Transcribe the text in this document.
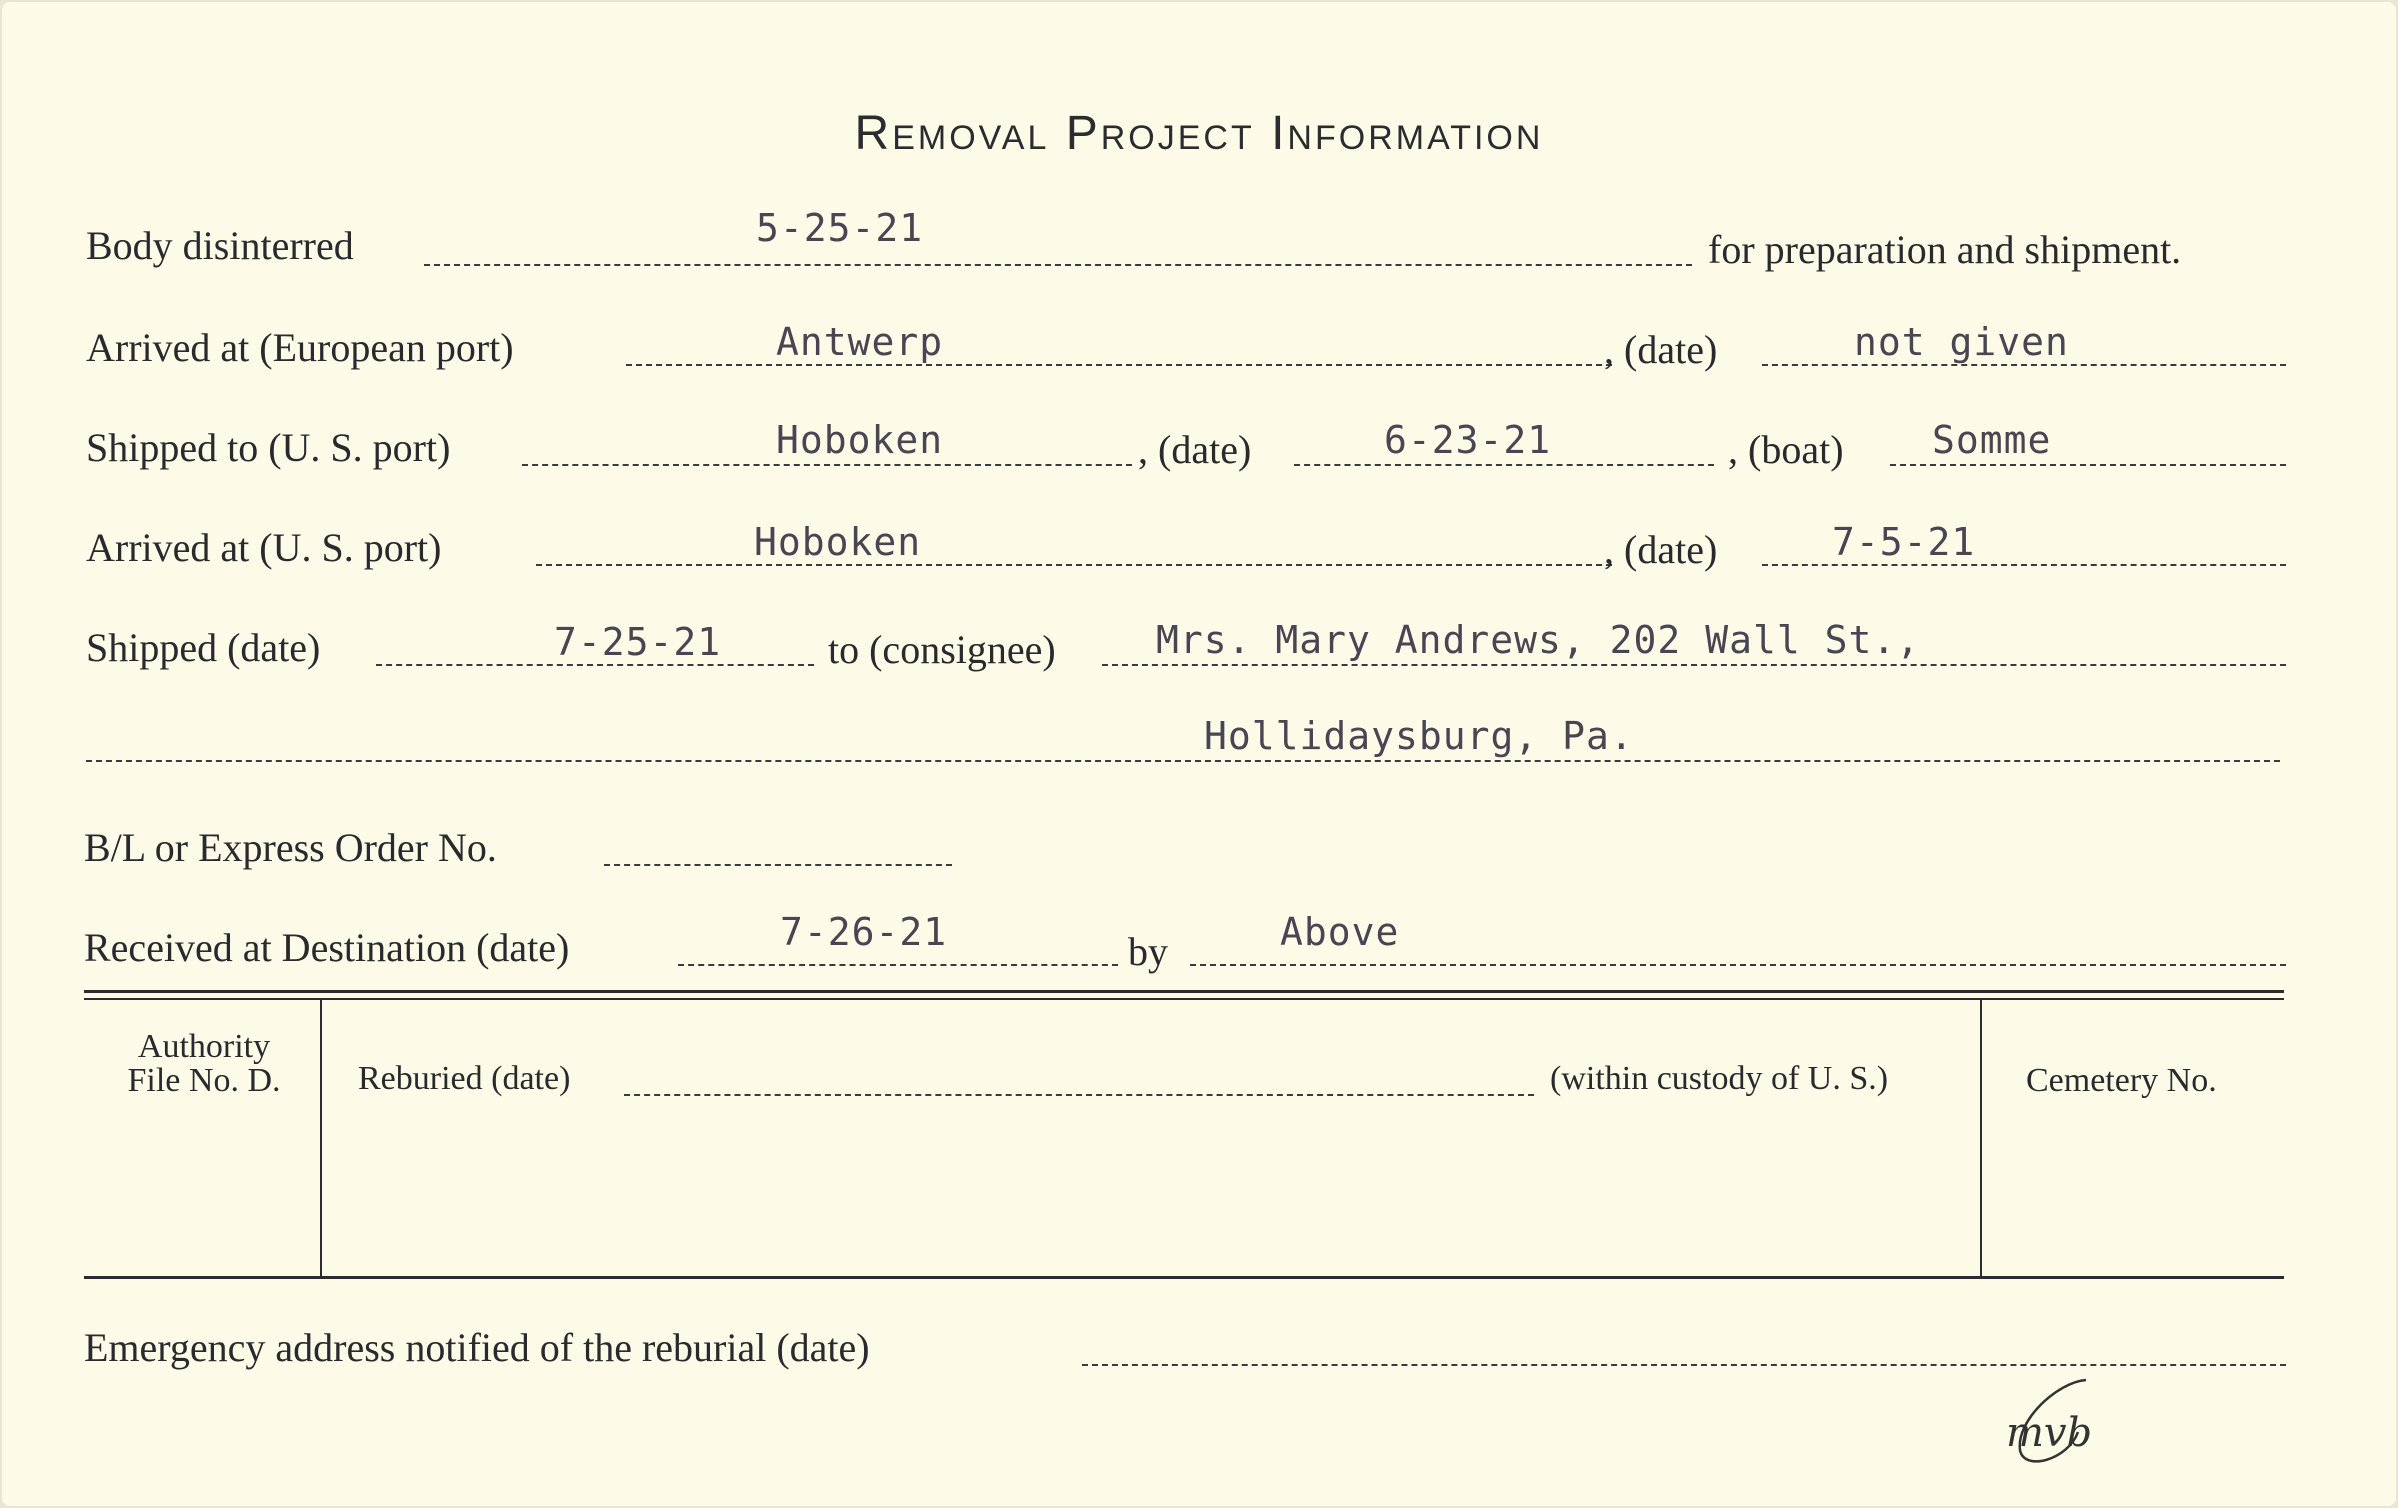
Removal Project Information
Body disinterred	5-25-21	for preparation and shipment.
Arrived at (European port)	Antwerp	, (date)	not given
Shipped to (U. S. port)	Hoboken	, (date)	6-23-21	, (boat) Somme
Arrived at (U. S. port)	Hoboken	, (date)	7-5-21
Shipped (date)	7-25-21	to (consignee)	Mrs. Mary Andrews, 202 Wall St.,
Hollidaysburg, Pa.
B/L or Express Order No.
Received at Destination (date)	7-26-21	by	Above
Authority
File No. D.	Reburied (date)	(within custody of U. S.)	Cemetery No.
Emergency address notified of the reburial (date)
mvb
